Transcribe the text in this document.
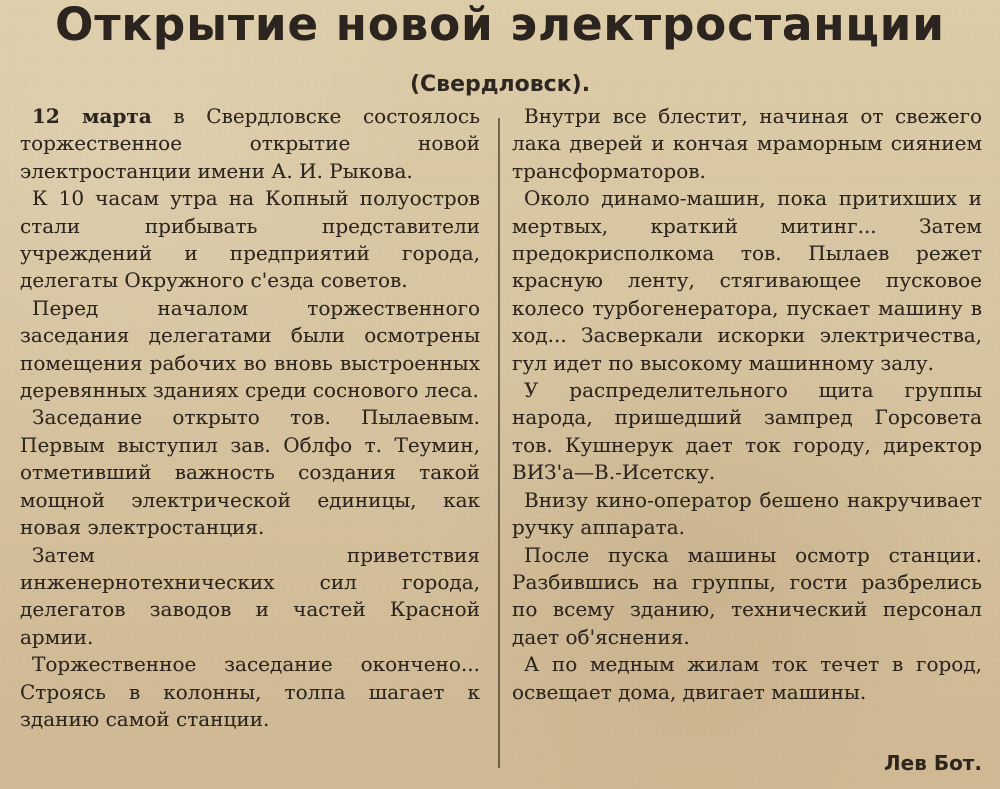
Открытие новой электростанции
(Свердловск).

12 марта в Свердловске состоялось торжественное открытие новой электростанции имени А. И. Рыкова.

К 10 часам утра на Копный полуостров стали прибывать представители учреждений и предприятий города, делегаты Окружного с'езда советов.

Перед началом торжественного заседания делегатами были осмотрены помещения рабочих во вновь выстроенных деревянных зданиях среди соснового леса.

Заседание открыто тов. Пылаевым. Первым выступил зав. Облфо т. Теумин, отметивший важность создания такой мощной электрической единицы, как новая электростанция.

Затем приветствия инженернотехнических сил города, делегатов заводов и частей Красной армии.

Торжественное заседание окончено... Строясь в колонны, толпа шагает к зданию самой станции.

Внутри все блестит, начиная от свежего лака дверей и кончая мраморным сиянием трансформаторов.

Около динамо-машин, пока притихших и мертвых, краткий митинг... Затем предокрисполкома тов. Пылаев режет красную ленту, стягивающее пусковое колесо турбогенератора, пускает машину в ход... Засверкали искорки электричества, гул идет по высокому машинному залу.

У распределительного щита группы народа, пришедший зампред Горсовета тов. Кушнерук дает ток городу, директор ВИЗ'а—В.-Исетску.

Внизу кино-оператор бешено накручивает ручку аппарата.

После пуска машины осмотр станции. Разбившись на группы, гости разбрелись по всему зданию, технический персонал дает об'яснения.

А по медным жилам ток течет в город, освещает дома, двигает машины.

Лев Бот.
